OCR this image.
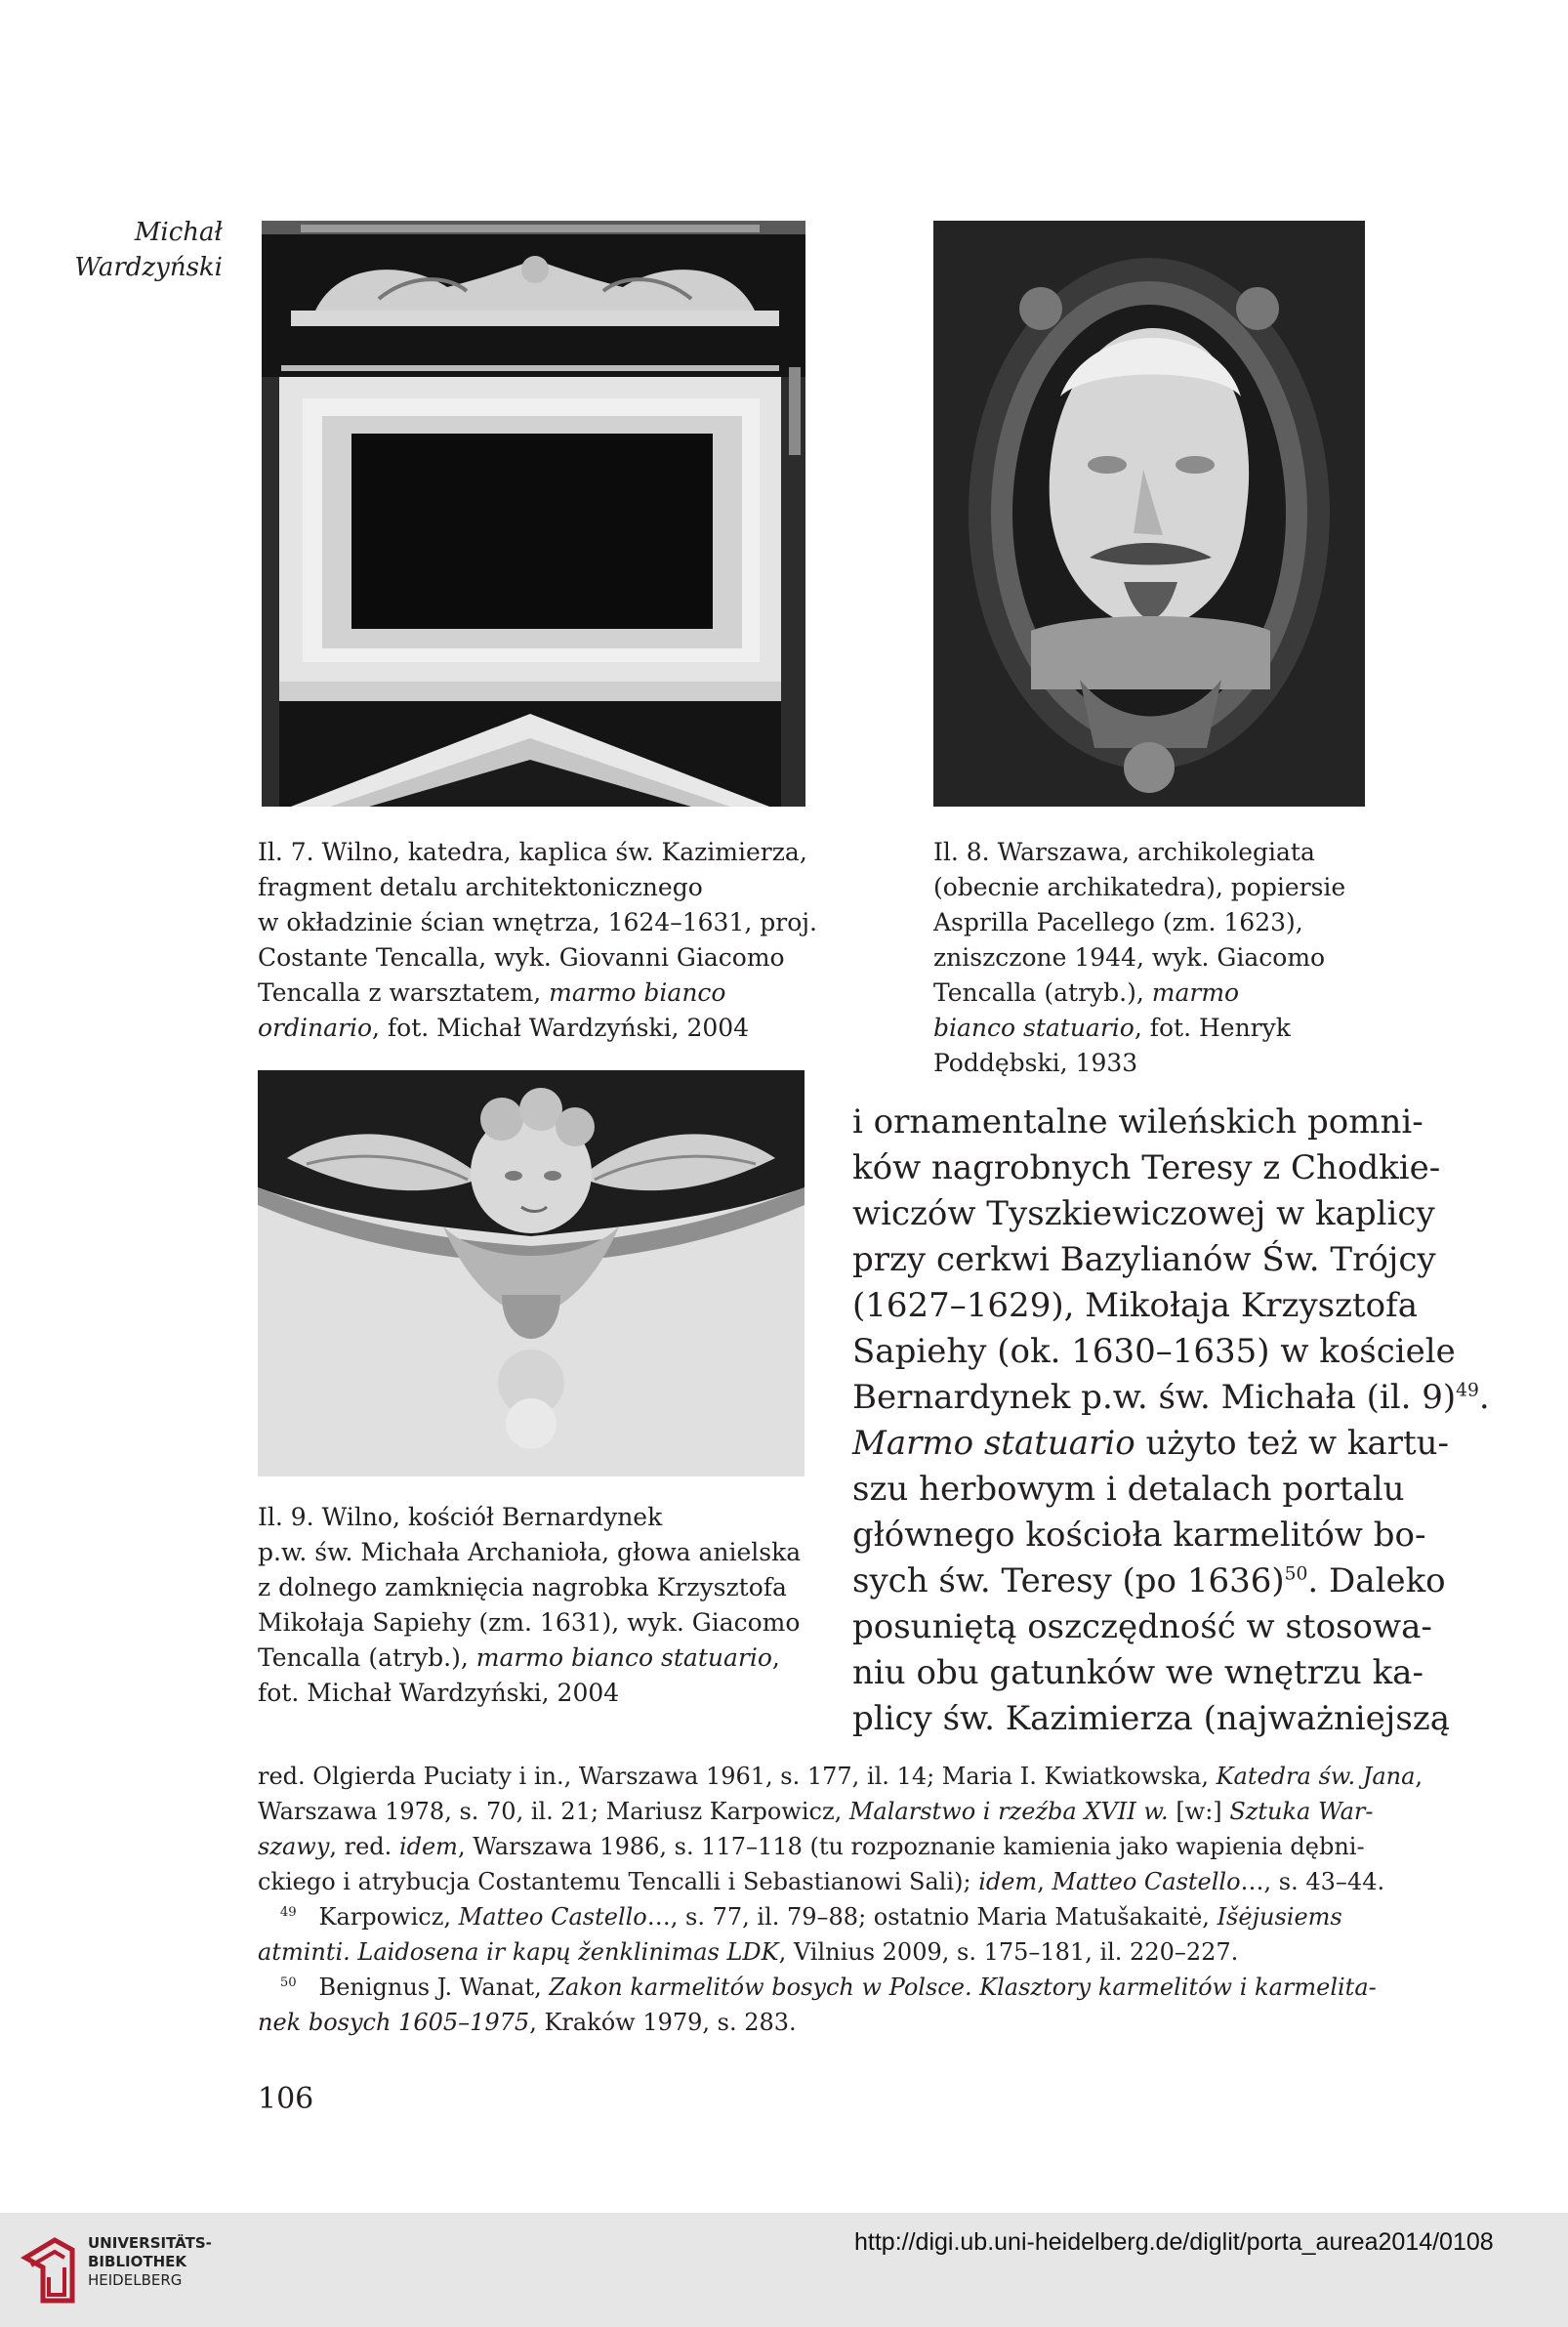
Michał
Wardzyński
Il. 7. Wilno, katedra, kaplica św. Kazimierza,
fragment detalu architektonicznego
w okładzinie ścian wnętrza, 1624–1631, proj.
Costante Tencalla, wyk. Giovanni Giacomo
Tencalla z warsztatem, marmo bianco
ordinario, fot. Michał Wardzyński, 2004
Il. 8. Warszawa, archikolegiata
(obecnie archikatedra), popiersie
Asprilla Pacellego (zm. 1623),
zniszczone 1944, wyk. Giacomo
Tencalla (atryb.), marmo
bianco statuario, fot. Henryk
Poddębski, 1933
Il. 9. Wilno, kościół Bernardynek
p.w. św. Michała Archanioła, głowa anielska
z dolnego zamknięcia nagrobka Krzysztofa
Mikołaja Sapiehy (zm. 1631), wyk. Giacomo
Tencalla (atryb.), marmo bianco statuario,
fot. Michał Wardzyński, 2004
i ornamentalne wileńskich pomni-
ków nagrobnych Teresy z Chodkie-
wiczów Tyszkiewiczowej w kaplicy
przy cerkwi Bazylianów Św. Trójcy
(1627–1629), Mikołaja Krzysztofa
Sapiehy (ok. 1630–1635) w kościele
Bernardynek p.w. św. Michała (il. 9)$^{49}$.
Marmo statuario użyto też w kartu-
szu herbowym i detalach portalu
głównego kościoła karmelitów bo-
sych św. Teresy (po 1636)$^{50}$. Daleko
posuniętą oszczędność w stosowa-
niu obu gatunków we wnętrzu ka-
plicy św. Kazimierza (najważniejszą
red. Olgierda Puciaty i in., Warszawa 1961, s. 177, il. 14; Maria I. Kwiatkowska, Katedra św. Jana,
Warszawa 1978, s. 70, il. 21; Mariusz Karpowicz, Malarstwo i rzeźba XVII w. [w:] Sztuka War-
szawy, red. idem, Warszawa 1986, s. 117–118 (tu rozpoznanie kamienia jako wapienia dębni-
ckiego i atrybucja Costantemu Tencalli i Sebastianowi Sali); idem, Matteo Castello…, s. 43–44.
$^{49}$   Karpowicz, Matteo Castello…, s. 77, il. 79–88; ostatnio Maria Matušakaitė, Išėjusiems
atminti. Laidosena ir kapų ženklinimas LDK, Vilnius 2009, s. 175–181, il. 220–227.
$^{50}$   Benignus J. Wanat, Zakon karmelitów bosych w Polsce. Klasztory karmelitów i karmelita-
nek bosych 1605–1975, Kraków 1979, s. 283.
106
UNIVERSITÄTS-
BIBLIOTHEK
HEIDELBERG
http://digi.ub.uni-heidelberg.de/diglit/porta_aurea2014/0108
